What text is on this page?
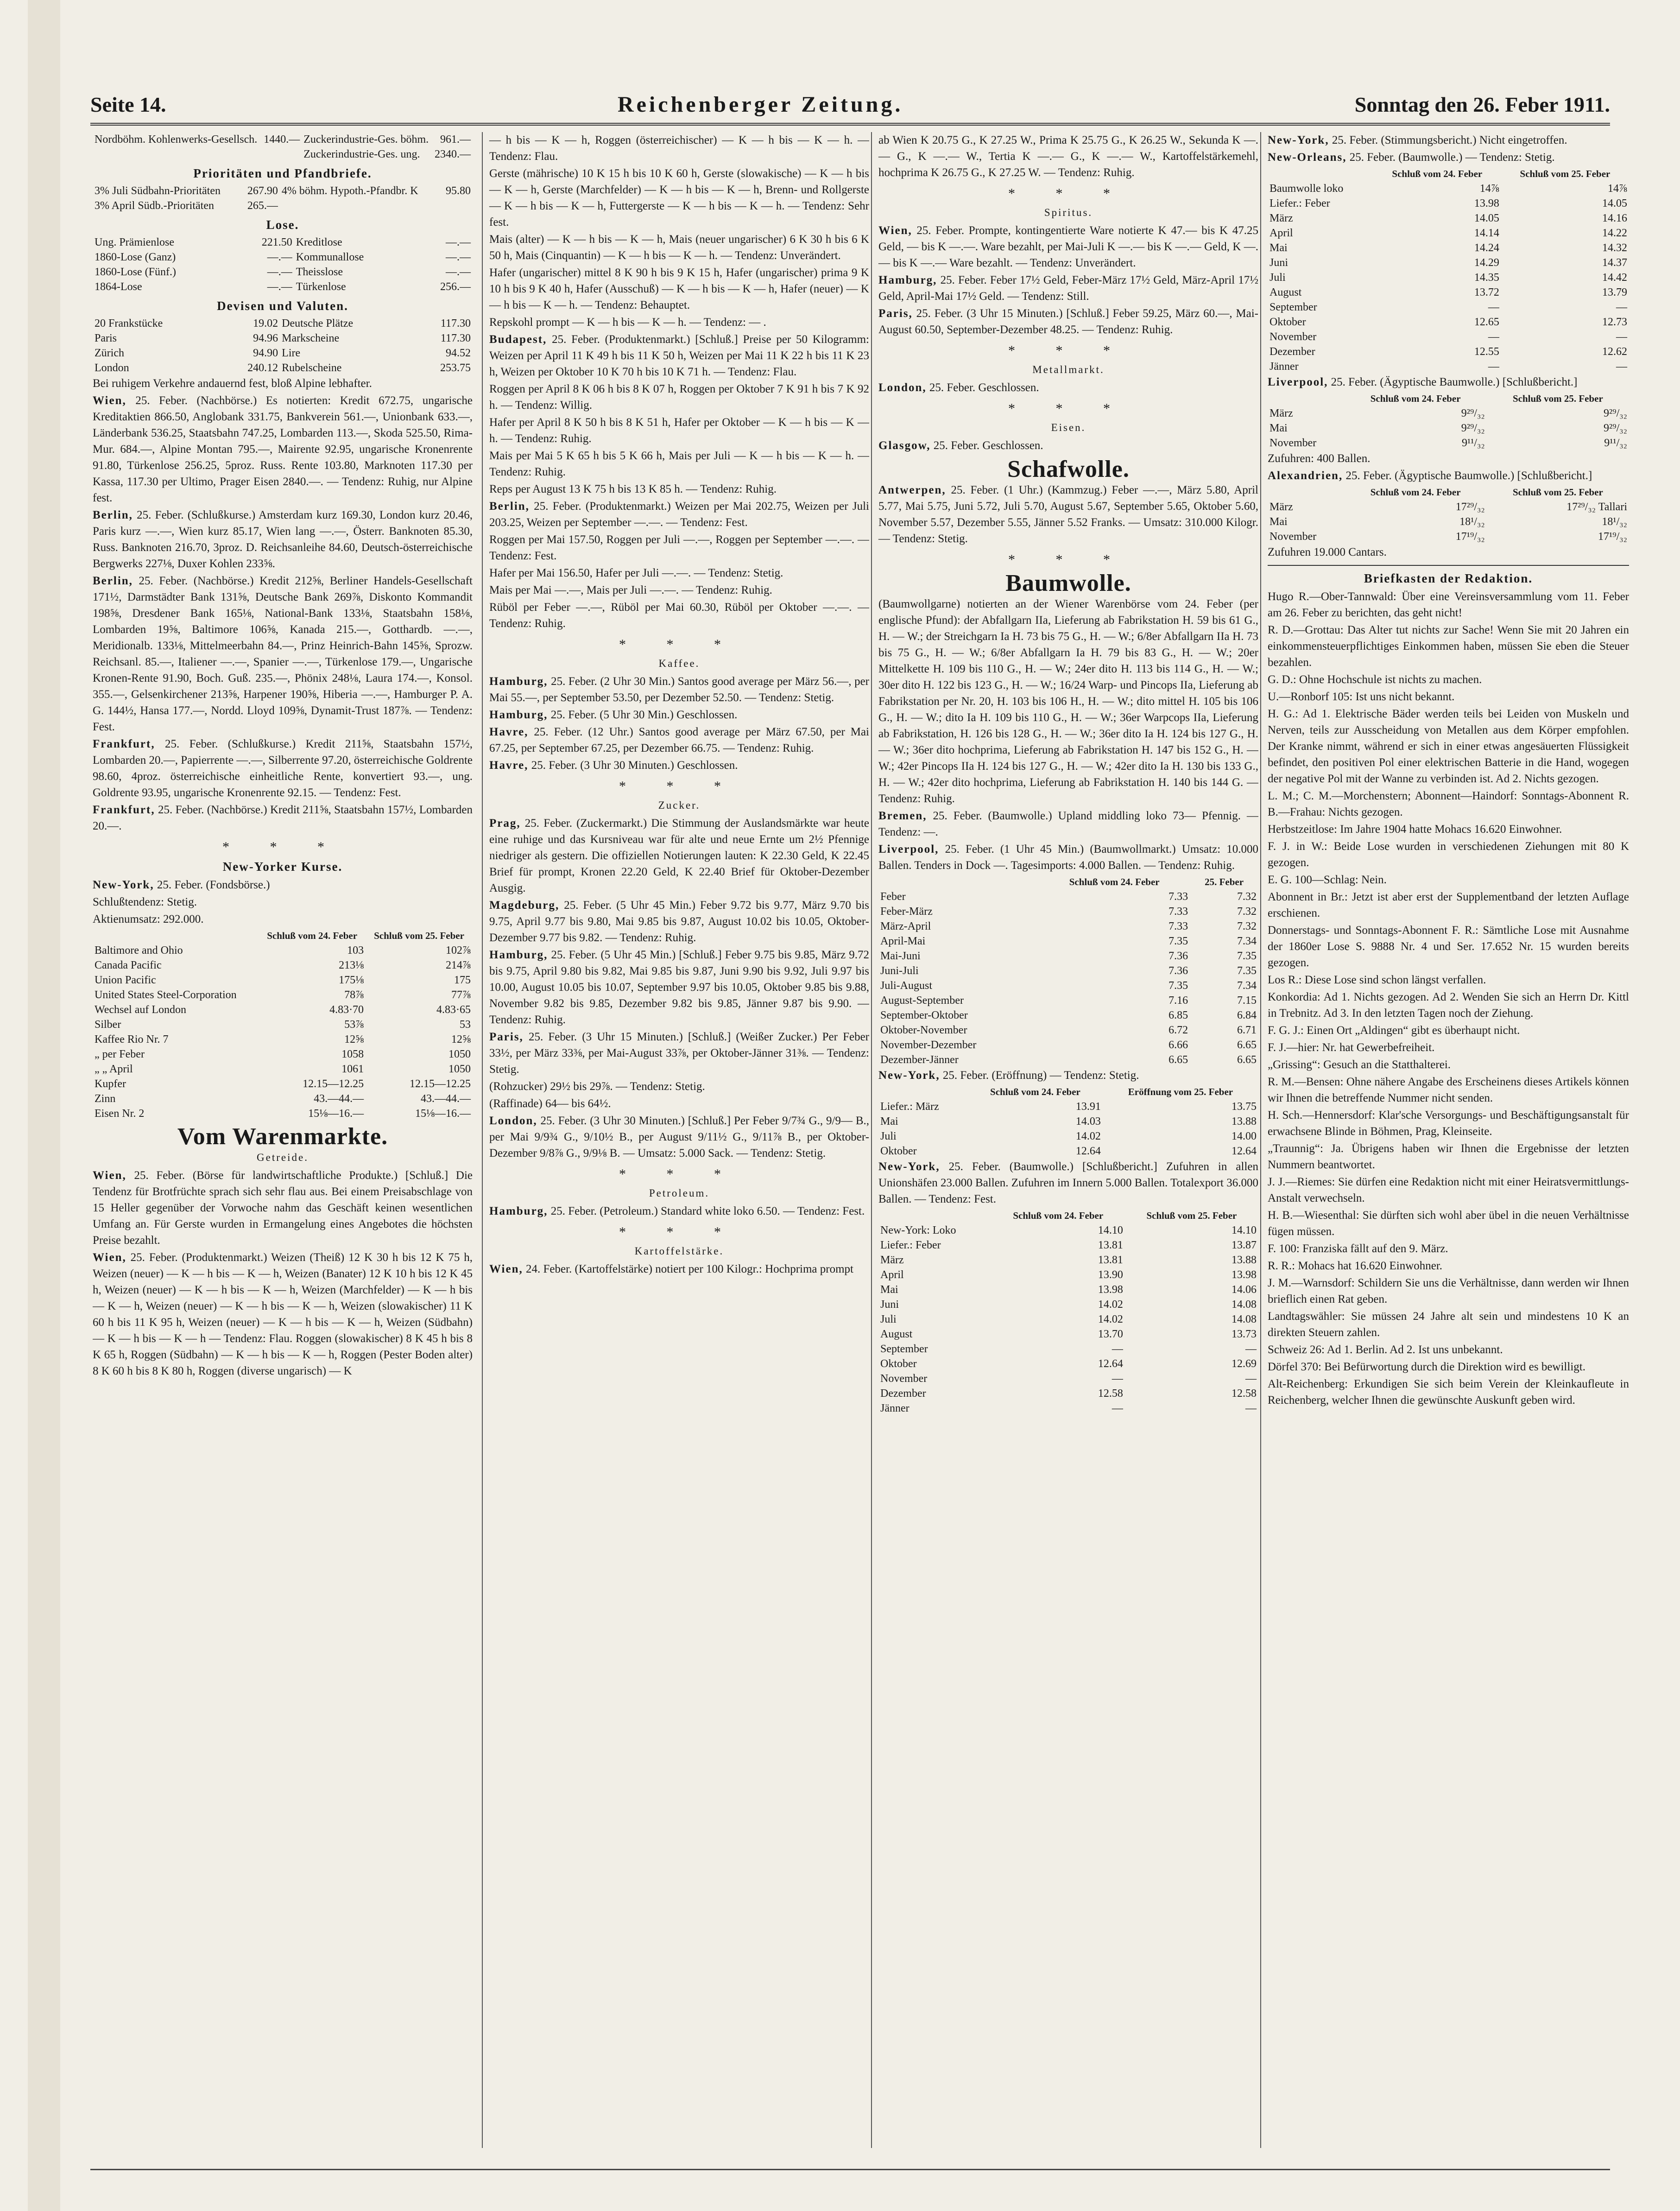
Seite 14.	Reichenberger Zeitung.	Sonntag den 26. Feber 1911.
Nordböhm. Kohlenwerks-Gesellsch.	1440.—	Zuckerindustrie-Ges. böhm.	961.—
		Zuckerindustrie-Ges. ung.	2340.—
Prioritäten und Pfandbriefe.
3% Juli Südbahn-Prioritäten	267.90	4% böhm. Hypoth.-Pfandbr. K	95.80
3% April Südb.-Prioritäten	265.—		
Lose.
Ung. Prämienlose	221.50	Kreditlose	—.—
1860-Lose (Ganz)	—.—	Kommunallose	—.—
1860-Lose (Fünf.)	—.—	Theisslose	—.—
1864-Lose	—.—	Türkenlose	256.—
Devisen und Valuten.
20 Frankstücke	19.02	Deutsche Plätze	117.30
Paris	94.96	Markscheine	117.30
Zürich	94.90	Lire	94.52
London	240.12	Rubelscheine	253.75

Bei ruhigem Verkehre andauernd fest, bloß Alpine lebhafter.

Wien, 25. Feber. (Nachbörse.) Es notierten: Kredit 672.75, ungarische Kreditaktien 866.50, Anglobank 331.75, Bankverein 561.—, Unionbank 633.—, Länderbank 536.25, Staatsbahn 747.25, Lombarden 113.—, Skoda 525.50, Rima-Mur. 684.—, Alpine Montan 795.—, Mairente 92.95, ungarische Kronenrente 91.80, Türkenlose 256.25, 5proz. Russ. Rente 103.80, Marknoten 117.30 per Kassa, 117.30 per Ultimo, Prager Eisen 2840.—. — Tendenz: Ruhig, nur Alpine fest.

Berlin, 25. Feber. (Schlußkurse.) Amsterdam kurz 169.30, London kurz 20.46, Paris kurz —.—, Wien kurz 85.17, Wien lang —.—, Österr. Banknoten 85.30, Russ. Banknoten 216.70, 3proz. D. Reichsanleihe 84.60, Deutsch-österreichische Bergwerks 227⅛, Duxer Kohlen 233⅝.

Berlin, 25. Feber. (Nachbörse.) Kredit 212⅝, Berliner Handels-Gesellschaft 171½, Darmstädter Bank 131⅝, Deutsche Bank 269⅞, Diskonto Kommandit 198⅝, Dresdener Bank 165⅛, National-Bank 133⅛, Staatsbahn 158⅛, Lombarden 19⅝, Baltimore 106⅝, Kanada 215.—, Gotthardb. —.—, Meridionalb. 133⅛, Mittelmeerbahn 84.—, Prinz Heinrich-Bahn 145⅝, Sprozw. Reichsanl. 85.—, Italiener —.—, Spanier —.—, Türkenlose 179.—, Ungarische Kronen-Rente 91.90, Boch. Guß. 235.—, Phönix 248⅛, Laura 174.—, Konsol. 355.—, Gelsenkirchener 213⅝, Harpener 190⅝, Hiberia —.—, Hamburger P. A. G. 144½, Hansa 177.—, Nordd. Lloyd 109⅝, Dynamit-Trust 187⅞. — Tendenz: Fest.

Frankfurt, 25. Feber. (Schlußkurse.) Kredit 211⅝, Staatsbahn 157½, Lombarden 20.—, Papierrente —.—, Silberrente 97.20, österreichische Goldrente 98.60, 4proz. österreichische einheitliche Rente, konvertiert 93.—, ung. Goldrente 93.95, ungarische Kronenrente 92.15. — Tendenz: Fest.

Frankfurt, 25. Feber. (Nachbörse.) Kredit 211⅝, Staatsbahn 157½, Lombarden 20.—.

* * *
New-Yorker Kurse.

New-York, 25. Feber. (Fondsbörse.)

Schlußtendenz: Stetig.

Aktienumsatz: 292.000.

	Schluß vom 24. Feber	Schluß vom 25. Feber
Baltimore and Ohio	103	102⅞
Canada Pacific	213⅛	214⅞
Union Pacific	175⅛	175
United States Steel-Corporation	78⅞	77⅞
Wechsel auf London	4.83·70	4.83·65
Silber	53⅞	53
Kaffee Rio Nr. 7	12⅝	12⅝
„ per Feber	1058	1050
„ „ April	1061	1050
Kupfer	12.15—12.25	12.15—12.25
Zinn	43.—44.—	43.—44.—
Eisen Nr. 2	15⅛—16.—	15⅛—16.—
Vom Warenmarkte.
Getreide.

Wien, 25. Feber. (Börse für landwirtschaftliche Produkte.) [Schluß.] Die Tendenz für Brotfrüchte sprach sich sehr flau aus. Bei einem Preisabschlage von 15 Heller gegenüber der Vorwoche nahm das Geschäft keinen wesentlichen Umfang an. Für Gerste wurden in Ermangelung eines Angebotes die höchsten Preise bezahlt.

Wien, 25. Feber. (Produktenmarkt.) Weizen (Theiß) 12 K 30 h bis 12 K 75 h, Weizen (neuer) — K — h bis — K — h, Weizen (Banater) 12 K 10 h bis 12 K 45 h, Weizen (neuer) — K — h bis — K — h, Weizen (Marchfelder) — K — h bis — K — h, Weizen (neuer) — K — h bis — K — h, Weizen (slowakischer) 11 K 60 h bis 11 K 95 h, Weizen (neuer) — K — h bis — K — h, Weizen (Südbahn) — K — h bis — K — h — Tendenz: Flau. Roggen (slowakischer) 8 K 45 h bis 8 K 65 h, Roggen (Südbahn) — K — h bis — K — h, Roggen (Pester Boden alter) 8 K 60 h bis 8 K 80 h, Roggen (diverse ungarisch) — K

— h bis — K — h, Roggen (österreichischer) — K — h bis — K — h. — Tendenz: Flau.

Gerste (mährische) 10 K 15 h bis 10 K 60 h, Gerste (slowakische) — K — h bis — K — h, Gerste (Marchfelder) — K — h bis — K — h, Brenn- und Rollgerste — K — h bis — K — h, Futtergerste — K — h bis — K — h. — Tendenz: Sehr fest.

Mais (alter) — K — h bis — K — h, Mais (neuer ungarischer) 6 K 30 h bis 6 K 50 h, Mais (Cinquantin) — K — h bis — K — h. — Tendenz: Unverändert.

Hafer (ungarischer) mittel 8 K 90 h bis 9 K 15 h, Hafer (ungarischer) prima 9 K 10 h bis 9 K 40 h, Hafer (Ausschuß) — K — h bis — K — h, Hafer (neuer) — K — h bis — K — h. — Tendenz: Behauptet.

Repskohl prompt — K — h bis — K — h. — Tendenz: — .

Budapest, 25. Feber. (Produktenmarkt.) [Schluß.] Preise per 50 Kilogramm: Weizen per April 11 K 49 h bis 11 K 50 h, Weizen per Mai 11 K 22 h bis 11 K 23 h, Weizen per Oktober 10 K 70 h bis 10 K 71 h. — Tendenz: Flau.

Roggen per April 8 K 06 h bis 8 K 07 h, Roggen per Oktober 7 K 91 h bis 7 K 92 h. — Tendenz: Willig.

Hafer per April 8 K 50 h bis 8 K 51 h, Hafer per Oktober — K — h bis — K — h. — Tendenz: Ruhig.

Mais per Mai 5 K 65 h bis 5 K 66 h, Mais per Juli — K — h bis — K — h. — Tendenz: Ruhig.

Reps per August 13 K 75 h bis 13 K 85 h. — Tendenz: Ruhig.

Berlin, 25. Feber. (Produktenmarkt.) Weizen per Mai 202.75, Weizen per Juli 203.25, Weizen per September —.—. — Tendenz: Fest.

Roggen per Mai 157.50, Roggen per Juli —.—, Roggen per September —.—. — Tendenz: Fest.

Hafer per Mai 156.50, Hafer per Juli —.—. — Tendenz: Stetig.

Mais per Mai —.—, Mais per Juli —.—. — Tendenz: Ruhig.

Rüböl per Feber —.—, Rüböl per Mai 60.30, Rüböl per Oktober —.—. — Tendenz: Ruhig.

* * *
Kaffee.

Hamburg, 25. Feber. (2 Uhr 30 Min.) Santos good average per März 56.—, per Mai 55.—, per September 53.50, per Dezember 52.50. — Tendenz: Stetig.

Hamburg, 25. Feber. (5 Uhr 30 Min.) Geschlossen.

Havre, 25. Feber. (12 Uhr.) Santos good average per März 67.50, per Mai 67.25, per September 67.25, per Dezember 66.75. — Tendenz: Ruhig.

Havre, 25. Feber. (3 Uhr 30 Minuten.) Geschlossen.

* * *
Zucker.

Prag, 25. Feber. (Zuckermarkt.) Die Stimmung der Auslandsmärkte war heute eine ruhige und das Kursniveau war für alte und neue Ernte um 2½ Pfennige niedriger als gestern. Die offiziellen Notierungen lauten: K 22.30 Geld, K 22.45 Brief für prompt, Kronen 22.20 Geld, K 22.40 Brief für Oktober-Dezember Ausgig.

Magdeburg, 25. Feber. (5 Uhr 45 Min.) Feber 9.72 bis 9.77, März 9.70 bis 9.75, April 9.77 bis 9.80, Mai 9.85 bis 9.87, August 10.02 bis 10.05, Oktober-Dezember 9.77 bis 9.82. — Tendenz: Ruhig.

Hamburg, 25. Feber. (5 Uhr 45 Min.) [Schluß.] Feber 9.75 bis 9.85, März 9.72 bis 9.75, April 9.80 bis 9.82, Mai 9.85 bis 9.87, Juni 9.90 bis 9.92, Juli 9.97 bis 10.00, August 10.05 bis 10.07, September 9.97 bis 10.05, Oktober 9.85 bis 9.88, November 9.82 bis 9.85, Dezember 9.82 bis 9.85, Jänner 9.87 bis 9.90. — Tendenz: Ruhig.

Paris, 25. Feber. (3 Uhr 15 Minuten.) [Schluß.] (Weißer Zucker.) Per Feber 33½, per März 33⅜, per Mai-August 33⅞, per Oktober-Jänner 31⅜. — Tendenz: Stetig.

(Rohzucker) 29½ bis 29⅞. — Tendenz: Stetig.

(Raffinade) 64— bis 64½.

London, 25. Feber. (3 Uhr 30 Minuten.) [Schluß.] Per Feber 9/7¾ G., 9/9— B., per Mai 9/9¾ G., 9/10½ B., per August 9/11½ G., 9/11⅞ B., per Oktober-Dezember 9/8⅞ G., 9/9⅛ B. — Umsatz: 5.000 Sack. — Tendenz: Stetig.

* * *
Petroleum.

Hamburg, 25. Feber. (Petroleum.) Standard white loko 6.50. — Tendenz: Fest.

* * *
Kartoffelstärke.

Wien, 24. Feber. (Kartoffelstärke) notiert per 100 Kilogr.: Hochprima prompt

ab Wien K 20.75 G., K 27.25 W., Prima K 25.75 G., K 26.25 W., Sekunda K —.— G., K —.— W., Tertia K —.— G., K —.— W., Kartoffelstärkemehl, hochprima K 26.75 G., K 27.25 W. — Tendenz: Ruhig.

* * *
Spiritus.

Wien, 25. Feber. Prompte, kontingentierte Ware notierte K 47.— bis K 47.25 Geld, — bis K —.—. Ware bezahlt, per Mai-Juli K —.— bis K —.— Geld, K —.— bis K —.— Ware bezahlt. — Tendenz: Unverändert.

Hamburg, 25. Feber. Feber 17½ Geld, Feber-März 17½ Geld, März-April 17½ Geld, April-Mai 17½ Geld. — Tendenz: Still.

Paris, 25. Feber. (3 Uhr 15 Minuten.) [Schluß.] Feber 59.25, März 60.—, Mai-August 60.50, September-Dezember 48.25. — Tendenz: Ruhig.

* * *
Metallmarkt.

London, 25. Feber. Geschlossen.

* * *
Eisen.

Glasgow, 25. Feber. Geschlossen.

Schafwolle.

Antwerpen, 25. Feber. (1 Uhr.) (Kammzug.) Feber —.—, März 5.80, April 5.77, Mai 5.75, Juni 5.72, Juli 5.70, August 5.67, September 5.65, Oktober 5.60, November 5.57, Dezember 5.55, Jänner 5.52 Franks. — Umsatz: 310.000 Kilogr. — Tendenz: Stetig.

* * *
Baumwolle.

(Baumwollgarne) notierten an der Wiener Warenbörse vom 24. Feber (per englische Pfund): der Abfallgarn IIa, Lieferung ab Fabrikstation H. 59 bis 61 G., H. — W.; der Streichgarn Ia H. 73 bis 75 G., H. — W.; 6/8er Abfallgarn IIa H. 73 bis 75 G., H. — W.; 6/8er Abfallgarn Ia H. 79 bis 83 G., H. — W.; 20er Mittelkette H. 109 bis 110 G., H. — W.; 24er dito H. 113 bis 114 G., H. — W.; 30er dito H. 122 bis 123 G., H. — W.; 16/24 Warp- und Pincops IIa, Lieferung ab Fabrikstation per Nr. 20, H. 103 bis 106 H., H. — W.; dito mittel H. 105 bis 106 G., H. — W.; dito Ia H. 109 bis 110 G., H. — W.; 36er Warpcops IIa, Lieferung ab Fabrikstation, H. 126 bis 128 G., H. — W.; 36er dito Ia H. 124 bis 127 G., H. — W.; 36er dito hochprima, Lieferung ab Fabrikstation H. 147 bis 152 G., H. — W.; 42er Pincops IIa H. 124 bis 127 G., H. — W.; 42er dito Ia H. 130 bis 133 G., H. — W.; 42er dito hochprima, Lieferung ab Fabrikstation H. 140 bis 144 G. — Tendenz: Ruhig.

Bremen, 25. Feber. (Baumwolle.) Upland middling loko 73— Pfennig. — Tendenz: —.

Liverpool, 25. Feber. (1 Uhr 45 Min.) (Baumwollmarkt.) Umsatz: 10.000 Ballen. Tenders in Dock —. Tagesimports: 4.000 Ballen. — Tendenz: Ruhig.

	Schluß vom 24. Feber	25. Feber
Feber	7.33	7.32
Feber-März	7.33	7.32
März-April	7.33	7.32
April-Mai	7.35	7.34
Mai-Juni	7.36	7.35
Juni-Juli	7.36	7.35
Juli-August	7.35	7.34
August-September	7.16	7.15
September-Oktober	6.85	6.84
Oktober-November	6.72	6.71
November-Dezember	6.66	6.65
Dezember-Jänner	6.65	6.65

New-York, 25. Feber. (Eröffnung) — Tendenz: Stetig.

	Schluß vom 24. Feber	Eröffnung vom 25. Feber
Liefer.: März	13.91	13.75
Mai	14.03	13.88
Juli	14.02	14.00
Oktober	12.64	12.64

New-York, 25. Feber. (Baumwolle.) [Schlußbericht.] Zufuhren in allen Unionshäfen 23.000 Ballen. Zufuhren im Innern 5.000 Ballen. Totalexport 36.000 Ballen. — Tendenz: Fest.

	Schluß vom 24. Feber	Schluß vom 25. Feber
New-York: Loko	14.10	14.10
Liefer.: Feber	13.81	13.87
März	13.81	13.88
April	13.90	13.98
Mai	13.98	14.06
Juni	14.02	14.08
Juli	14.02	14.08
August	13.70	13.73
September	—	—
Oktober	12.64	12.69
November	—	—
Dezember	12.58	12.58
Jänner	—	—

New-York, 25. Feber. (Stimmungsbericht.) Nicht eingetroffen.

New-Orleans, 25. Feber. (Baumwolle.) — Tendenz: Stetig.

	Schluß vom 24. Feber	Schluß vom 25. Feber
Baumwolle loko	14⅞	14⅞
Liefer.: Feber	13.98	14.05
März	14.05	14.16
April	14.14	14.22
Mai	14.24	14.32
Juni	14.29	14.37
Juli	14.35	14.42
August	13.72	13.79
September	—	—
Oktober	12.65	12.73
November	—	—
Dezember	12.55	12.62
Jänner	—	—

Liverpool, 25. Feber. (Ägyptische Baumwolle.) [Schlußbericht.]

	Schluß vom 24. Feber	Schluß vom 25. Feber
März	9²⁹/₃₂	9²⁹/₃₂
Mai	9²⁹/₃₂	9²⁹/₃₂
November	9¹¹/₃₂	9¹¹/₃₂

Zufuhren: 400 Ballen.

Alexandrien, 25. Feber. (Ägyptische Baumwolle.) [Schlußbericht.]

	Schluß vom 24. Feber	Schluß vom 25. Feber
März	17²⁹/₃₂	17²⁹/₃₂ Tallari
Mai	18¹/₃₂	18¹/₃₂
November	17¹⁹/₃₂	17¹⁹/₃₂

Zufuhren 19.000 Cantars.

Briefkasten der Redaktion.

Hugo R.—Ober-Tannwald: Über eine Vereinsversammlung vom 11. Feber am 26. Feber zu berichten, das geht nicht!

R. D.—Grottau: Das Alter tut nichts zur Sache! Wenn Sie mit 20 Jahren ein einkommensteuerpflichtiges Einkommen haben, müssen Sie eben die Steuer bezahlen.

G. D.: Ohne Hochschule ist nichts zu machen.

U.—Ronborf 105: Ist uns nicht bekannt.

H. G.: Ad 1. Elektrische Bäder werden teils bei Leiden von Muskeln und Nerven, teils zur Ausscheidung von Metallen aus dem Körper empfohlen. Der Kranke nimmt, während er sich in einer etwas angesäuerten Flüssigkeit befindet, den positiven Pol einer elektrischen Batterie in die Hand, wogegen der negative Pol mit der Wanne zu verbinden ist. Ad 2. Nichts gezogen.

L. M.; C. M.—Morchenstern; Abonnent—Haindorf: Sonntags-Abonnent R. B.—Frahau: Nichts gezogen.

Herbstzeitlose: Im Jahre 1904 hatte Mohacs 16.620 Einwohner.

F. J. in W.: Beide Lose wurden in verschiedenen Ziehungen mit 80 K gezogen.

E. G. 100—Schlag: Nein.

Abonnent in Br.: Jetzt ist aber erst der Supplementband der letzten Auflage erschienen.

Donnerstags- und Sonntags-Abonnent F. R.: Sämtliche Lose mit Ausnahme der 1860er Lose S. 9888 Nr. 4 und Ser. 17.652 Nr. 15 wurden bereits gezogen.

Los R.: Diese Lose sind schon längst verfallen.

Konkordia: Ad 1. Nichts gezogen. Ad 2. Wenden Sie sich an Herrn Dr. Kittl in Trebnitz. Ad 3. In den letzten Tagen noch der Ziehung.

F. G. J.: Einen Ort „Aldingen“ gibt es überhaupt nicht.

F. J.—hier: Nr. hat Gewerbefreiheit.

„Grissing“: Gesuch an die Statthalterei.

R. M.—Bensen: Ohne nähere Angabe des Erscheinens dieses Artikels können wir Ihnen die betreffende Nummer nicht senden.

H. Sch.—Hennersdorf: Klar'sche Versorgungs- und Beschäftigungsanstalt für erwachsene Blinde in Böhmen, Prag, Kleinseite.

„Traunnig“: Ja. Übrigens haben wir Ihnen die Ergebnisse der letzten Nummern beantwortet.

J. J.—Riemes: Sie dürfen eine Redaktion nicht mit einer Heiratsvermittlungs-Anstalt verwechseln.

H. B.—Wiesenthal: Sie dürften sich wohl aber übel in die neuen Verhältnisse fügen müssen.

F. 100: Franziska fällt auf den 9. März.

R. R.: Mohacs hat 16.620 Einwohner.

J. M.—Warnsdorf: Schildern Sie uns die Verhältnisse, dann werden wir Ihnen brieflich einen Rat geben.

Landtagswähler: Sie müssen 24 Jahre alt sein und mindestens 10 K an direkten Steuern zahlen.

Schweiz 26: Ad 1. Berlin. Ad 2. Ist uns unbekannt.

Dörfel 370: Bei Befürwortung durch die Direktion wird es bewilligt.

Alt-Reichenberg: Erkundigen Sie sich beim Verein der Kleinkaufleute in Reichenberg, welcher Ihnen die gewünschte Auskunft geben wird.
